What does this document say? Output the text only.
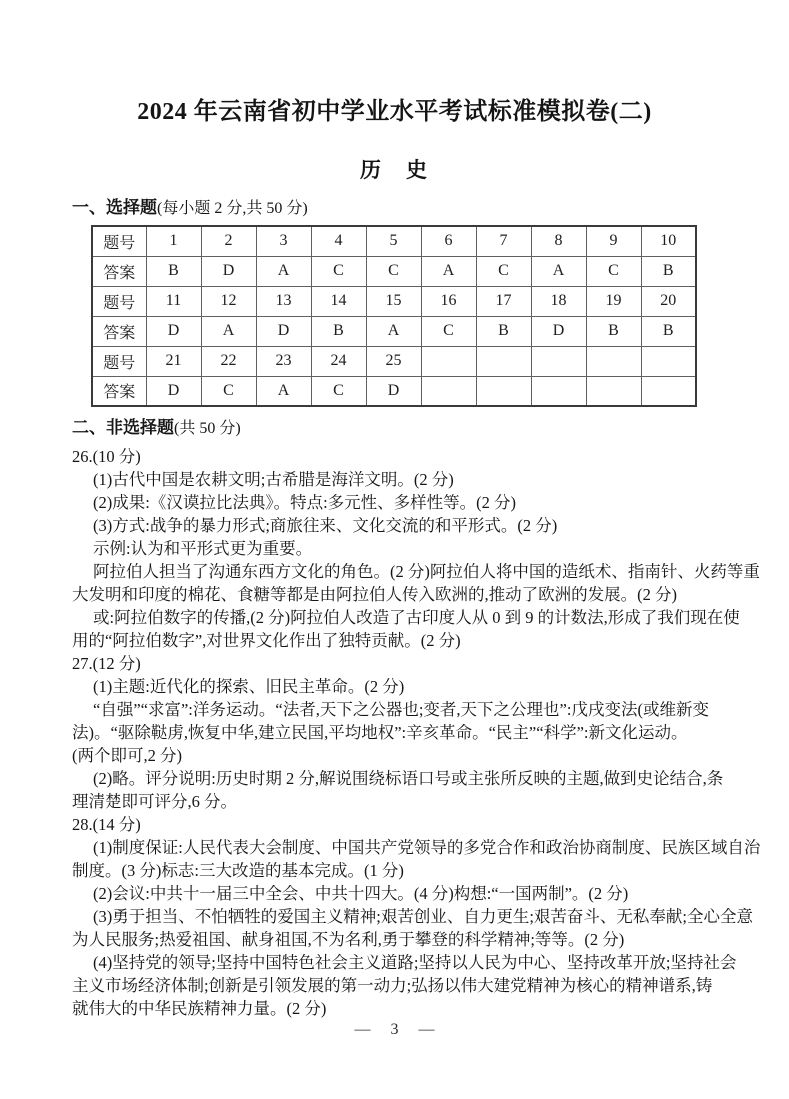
2024 年云南省初中学业水平考试标准模拟卷(二)
历　史
一、选择题(每小题 2 分,共 50 分)
题号	1	2	3	4	5	6	7	8	9	10
答案	B	D	A	C	C	A	C	A	C	B
题号	11	12	13	14	15	16	17	18	19	20
答案	D	A	D	B	A	C	B	D	B	B
题号	21	22	23	24	25					
答案	D	C	A	C	D					
二、非选择题(共 50 分)
26.(10 分)
(1)古代中国是农耕文明;古希腊是海洋文明。(2 分)
(2)成果:《汉谟拉比法典》。特点:多元性、多样性等。(2 分)
(3)方式:战争的暴力形式;商旅往来、文化交流的和平形式。(2 分)
示例:认为和平形式更为重要。
阿拉伯人担当了沟通东西方文化的角色。(2 分)阿拉伯人将中国的造纸术、指南针、火药等重
大发明和印度的棉花、食糖等都是由阿拉伯人传入欧洲的,推动了欧洲的发展。(2 分)
或:阿拉伯数字的传播,(2 分)阿拉伯人改造了古印度人从 0 到 9 的计数法,形成了我们现在使
用的“阿拉伯数字”,对世界文化作出了独特贡献。(2 分)
27.(12 分)
(1)主题:近代化的探索、旧民主革命。(2 分)
“自强”“求富”:洋务运动。“法者,天下之公器也;变者,天下之公理也”:戊戌变法(或维新变
法)。“驱除鞑虏,恢复中华,建立民国,平均地权”:辛亥革命。“民主”“科学”:新文化运动。
(两个即可,2 分)
(2)略。评分说明:历史时期 2 分,解说围绕标语口号或主张所反映的主题,做到史论结合,条
理清楚即可评分,6 分。
28.(14 分)
(1)制度保证:人民代表大会制度、中国共产党领导的多党合作和政治协商制度、民族区域自治
制度。(3 分)标志:三大改造的基本完成。(1 分)
(2)会议:中共十一届三中全会、中共十四大。(4 分)构想:“一国两制”。(2 分)
(3)勇于担当、不怕牺牲的爱国主义精神;艰苦创业、自力更生;艰苦奋斗、无私奉献;全心全意
为人民服务;热爱祖国、献身祖国,不为名利,勇于攀登的科学精神;等等。(2 分)
(4)坚持党的领导;坚持中国特色社会主义道路;坚持以人民为中心、坚持改革开放;坚持社会
主义市场经济体制;创新是引领发展的第一动力;弘扬以伟大建党精神为核心的精神谱系,铸
就伟大的中华民族精神力量。(2 分)
— 3 —
